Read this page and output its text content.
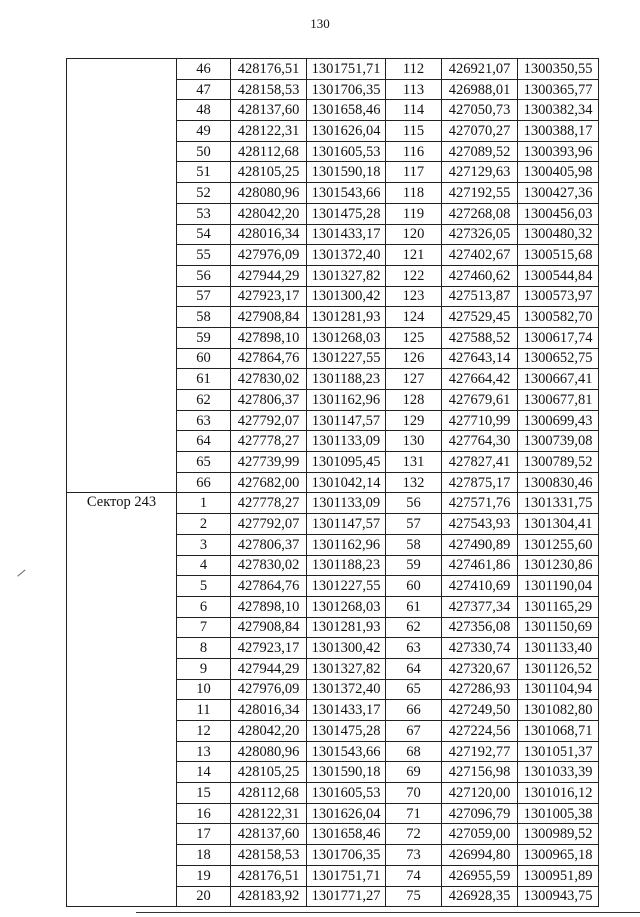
130
	46	428176,51	1301751,71	112	426921,07	1300350,55
	47	428158,53	1301706,35	113	426988,01	1300365,77
	48	428137,60	1301658,46	114	427050,73	1300382,34
	49	428122,31	1301626,04	115	427070,27	1300388,17
	50	428112,68	1301605,53	116	427089,52	1300393,96
	51	428105,25	1301590,18	117	427129,63	1300405,98
	52	428080,96	1301543,66	118	427192,55	1300427,36
	53	428042,20	1301475,28	119	427268,08	1300456,03
	54	428016,34	1301433,17	120	427326,05	1300480,32
	55	427976,09	1301372,40	121	427402,67	1300515,68
	56	427944,29	1301327,82	122	427460,62	1300544,84
	57	427923,17	1301300,42	123	427513,87	1300573,97
	58	427908,84	1301281,93	124	427529,45	1300582,70
	59	427898,10	1301268,03	125	427588,52	1300617,74
	60	427864,76	1301227,55	126	427643,14	1300652,75
	61	427830,02	1301188,23	127	427664,42	1300667,41
	62	427806,37	1301162,96	128	427679,61	1300677,81
	63	427792,07	1301147,57	129	427710,99	1300699,43
	64	427778,27	1301133,09	130	427764,30	1300739,08
	65	427739,99	1301095,45	131	427827,41	1300789,52
	66	427682,00	1301042,14	132	427875,17	1300830,46
Сектор 243	1	427778,27	1301133,09	56	427571,76	1301331,75
	2	427792,07	1301147,57	57	427543,93	1301304,41
	3	427806,37	1301162,96	58	427490,89	1301255,60
	4	427830,02	1301188,23	59	427461,86	1301230,86
	5	427864,76	1301227,55	60	427410,69	1301190,04
	6	427898,10	1301268,03	61	427377,34	1301165,29
	7	427908,84	1301281,93	62	427356,08	1301150,69
	8	427923,17	1301300,42	63	427330,74	1301133,40
	9	427944,29	1301327,82	64	427320,67	1301126,52
	10	427976,09	1301372,40	65	427286,93	1301104,94
	11	428016,34	1301433,17	66	427249,50	1301082,80
	12	428042,20	1301475,28	67	427224,56	1301068,71
	13	428080,96	1301543,66	68	427192,77	1301051,37
	14	428105,25	1301590,18	69	427156,98	1301033,39
	15	428112,68	1301605,53	70	427120,00	1301016,12
	16	428122,31	1301626,04	71	427096,79	1301005,38
	17	428137,60	1301658,46	72	427059,00	1300989,52
	18	428158,53	1301706,35	73	426994,80	1300965,18
	19	428176,51	1301751,71	74	426955,59	1300951,89
	20	428183,92	1301771,27	75	426928,35	1300943,75
